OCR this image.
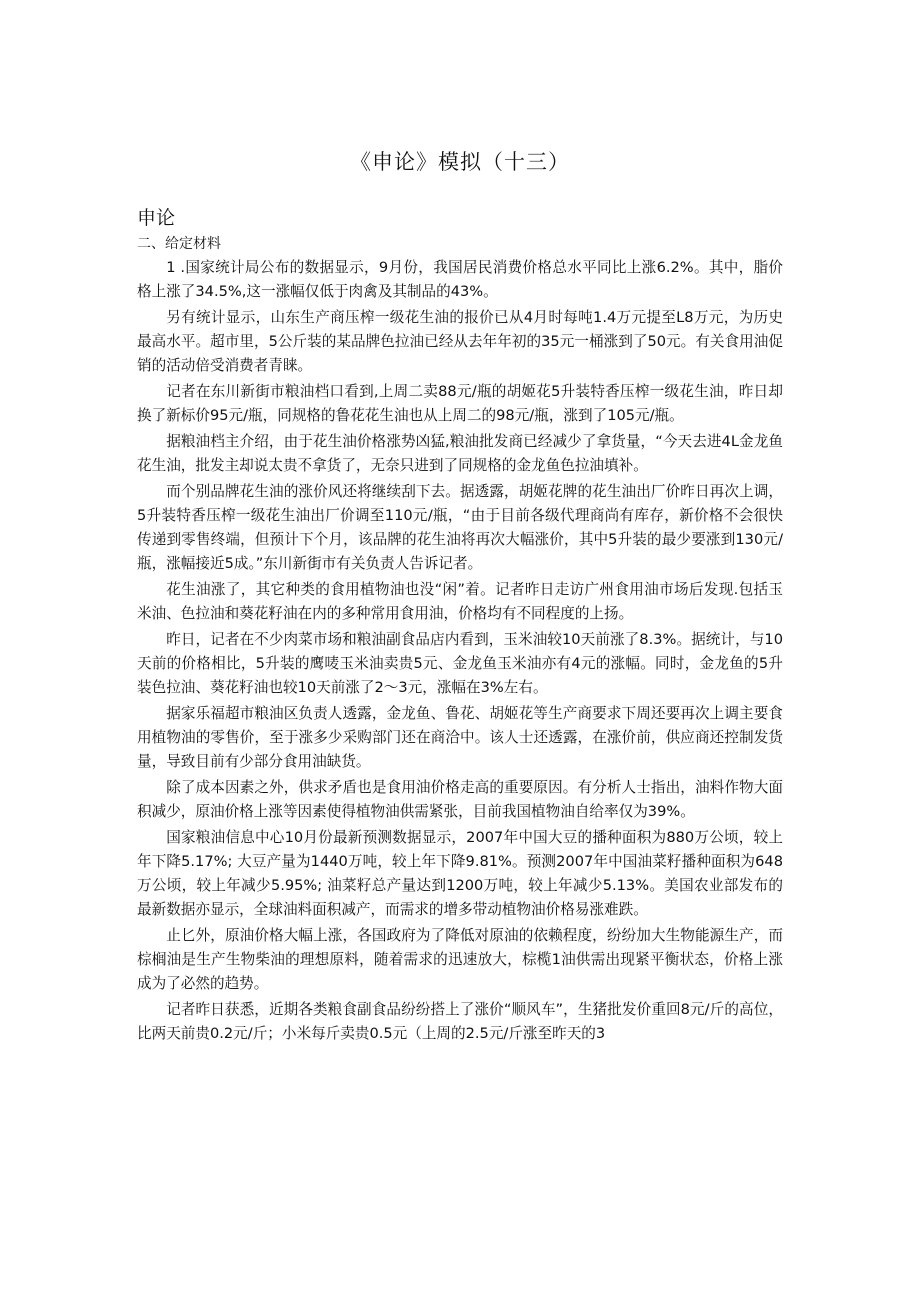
《申论》模拟（十三）
申论
二、给定材料

1 .国家统计局公布的数据显示，9月份，我国居民消费价格总水平同比上涨6.2%。其中，脂价格上涨了34.5%,这一涨幅仅低于肉禽及其制品的43%。

另有统计显示，山东生产商压榨一级花生油的报价已从4月时每吨1.4万元提至L8万元，为历史最高水平。超市里，5公斤装的某品牌色拉油已经从去年年初的35元一桶涨到了50元。有关食用油促销的活动倍受消费者青睐。

记者在东川新街市粮油档口看到,上周二卖88元/瓶的胡姬花5升装特香压榨一级花生油，昨日却换了新标价95元/瓶，同规格的鲁花花生油也从上周二的98元/瓶，涨到了105元/瓶。

据粮油档主介绍，由于花生油价格涨势凶猛,粮油批发商已经减少了拿货量，“今天去进4L金龙鱼花生油，批发主却说太贵不拿货了，无奈只进到了同规格的金龙鱼色拉油填补。

而个别品牌花生油的涨价风还将继续刮下去。据透露，胡姬花牌的花生油出厂价昨日再次上调，5升装特香压榨一级花生油出厂价调至110元/瓶，“由于目前各级代理商尚有库存，新价格不会很快传递到零售终端，但预计下个月，该品牌的花生油将再次大幅涨价，其中5升装的最少要涨到130元/瓶，涨幅接近5成。”东川新街市有关负责人告诉记者。

花生油涨了，其它种类的食用植物油也没“闲”着。记者昨日走访广州食用油市场后发现.包括玉米油、色拉油和葵花籽油在内的多种常用食用油，价格均有不同程度的上扬。

昨日，记者在不少肉菜市场和粮油副食品店内看到，玉米油较10天前涨了8.3%。据统计，与10天前的价格相比，5升装的鹰唛玉米油卖贵5元、金龙鱼玉米油亦有4元的涨幅。同时，金龙鱼的5升装色拉油、葵花籽油也较10天前涨了2〜3元，涨幅在3%左右。

据家乐福超市粮油区负责人透露，金龙鱼、鲁花、胡姬花等生产商要求下周还要再次上调主要食用植物油的零售价，至于涨多少采购部门还在商洽中。该人士还透露，在涨价前，供应商还控制发货量，导致目前有少部分食用油缺货。

除了成本因素之外，供求矛盾也是食用油价格走高的重要原因。有分析人士指出，油料作物大面积减少，原油价格上涨等因素使得植物油供需紧张，目前我国植物油自给率仅为39%。

国家粮油信息中心10月份最新预测数据显示，2007年中国大豆的播种面积为880万公顷，较上年下降5.17%; 大豆产量为1440万吨，较上年下降9.81%。预测2007年中国油菜籽播种面积为648万公顷，较上年减少5.95%; 油菜籽总产量达到1200万吨，较上年减少5.13%。美国农业部发布的最新数据亦显示，全球油料面积减产，而需求的增多带动植物油价格易涨难跌。

止匕外，原油价格大幅上涨，各国政府为了降低对原油的依赖程度，纷纷加大生物能源生产，而棕榈油是生产生物柴油的理想原料，随着需求的迅速放大，棕榄1油供需出现紧平衡状态，价格上涨成为了必然的趋势。

记者昨日获悉，近期各类粮食副食品纷纷搭上了涨价“顺风车”，生猪批发价重回8元/斤的高位，比两天前贵0.2元/斤；小米每斤卖贵0.5元（上周的2.5元/斤涨至昨天的3
